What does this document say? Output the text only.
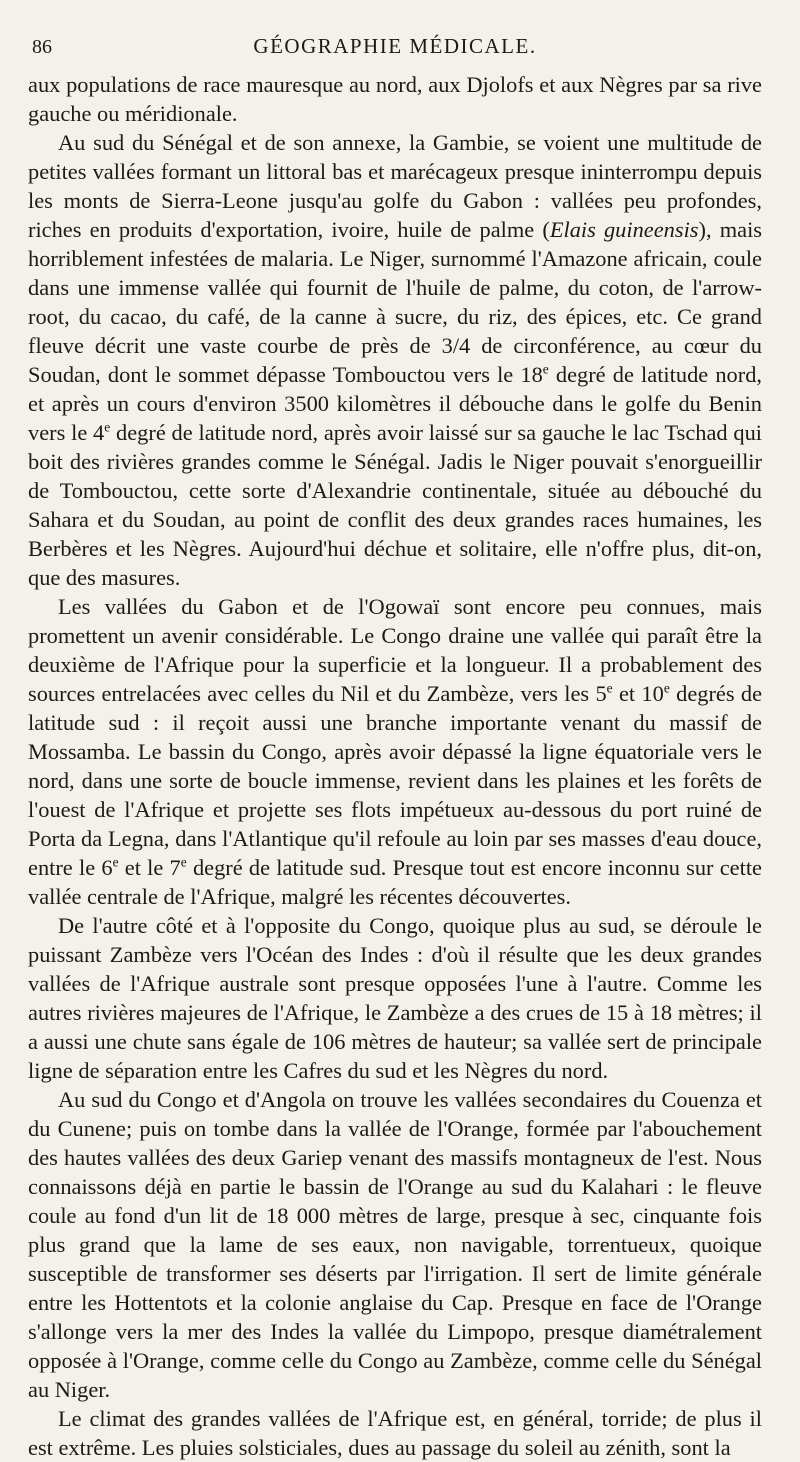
86	GÉOGRAPHIE MÉDICALE.

aux populations de race mauresque au nord, aux Djolofs et aux Nègres par sa rive gauche ou méridionale.

Au sud du Sénégal et de son annexe, la Gambie, se voient une multitude de petites vallées formant un littoral bas et marécageux presque ininterrompu depuis les monts de Sierra-Leone jusqu'au golfe du Gabon : vallées peu profondes, riches en produits d'exportation, ivoire, huile de palme (Elais guineensis), mais horriblement infestées de malaria. Le Niger, surnommé l'Amazone africain, coule dans une immense vallée qui fournit de l'huile de palme, du coton, de l'arrow-root, du cacao, du café, de la canne à sucre, du riz, des épices, etc. Ce grand fleuve décrit une vaste courbe de près de 3/4 de circonférence, au cœur du Soudan, dont le sommet dépasse Tombouctou vers le 18e degré de latitude nord, et après un cours d'environ 3500 kilomètres il débouche dans le golfe du Benin vers le 4e degré de latitude nord, après avoir laissé sur sa gauche le lac Tschad qui boit des rivières grandes comme le Sénégal. Jadis le Niger pouvait s'enorgueillir de Tombouctou, cette sorte d'Alexandrie continentale, située au débouché du Sahara et du Soudan, au point de conflit des deux grandes races humaines, les Berbères et les Nègres. Aujourd'hui déchue et solitaire, elle n'offre plus, dit-on, que des masures.

Les vallées du Gabon et de l'Ogowaï sont encore peu connues, mais promettent un avenir considérable. Le Congo draine une vallée qui paraît être la deuxième de l'Afrique pour la superficie et la longueur. Il a probablement des sources entrelacées avec celles du Nil et du Zambèze, vers les 5e et 10e degrés de latitude sud : il reçoit aussi une branche importante venant du massif de Mossamba. Le bassin du Congo, après avoir dépassé la ligne équatoriale vers le nord, dans une sorte de boucle immense, revient dans les plaines et les forêts de l'ouest de l'Afrique et projette ses flots impétueux au-dessous du port ruiné de Porta da Legna, dans l'Atlantique qu'il refoule au loin par ses masses d'eau douce, entre le 6e et le 7e degré de latitude sud. Presque tout est encore inconnu sur cette vallée centrale de l'Afrique, malgré les récentes découvertes.

De l'autre côté et à l'opposite du Congo, quoique plus au sud, se déroule le puissant Zambèze vers l'Océan des Indes : d'où il résulte que les deux grandes vallées de l'Afrique australe sont presque opposées l'une à l'autre. Comme les autres rivières majeures de l'Afrique, le Zambèze a des crues de 15 à 18 mètres; il a aussi une chute sans égale de 106 mètres de hauteur; sa vallée sert de principale ligne de séparation entre les Cafres du sud et les Nègres du nord.

Au sud du Congo et d'Angola on trouve les vallées secondaires du Couenza et du Cunene; puis on tombe dans la vallée de l'Orange, formée par l'abouchement des hautes vallées des deux Gariep venant des massifs montagneux de l'est. Nous connaissons déjà en partie le bassin de l'Orange au sud du Kalahari : le fleuve coule au fond d'un lit de 18 000 mètres de large, presque à sec, cinquante fois plus grand que la lame de ses eaux, non navigable, torrentueux, quoique susceptible de transformer ses déserts par l'irrigation. Il sert de limite générale entre les Hottentots et la colonie anglaise du Cap. Presque en face de l'Orange s'allonge vers la mer des Indes la vallée du Limpopo, presque diamétralement opposée à l'Orange, comme celle du Congo au Zambèze, comme celle du Sénégal au Niger.

Le climat des grandes vallées de l'Afrique est, en général, torride; de plus il est extrême. Les pluies solsticiales, dues au passage du soleil au zénith, sont la
